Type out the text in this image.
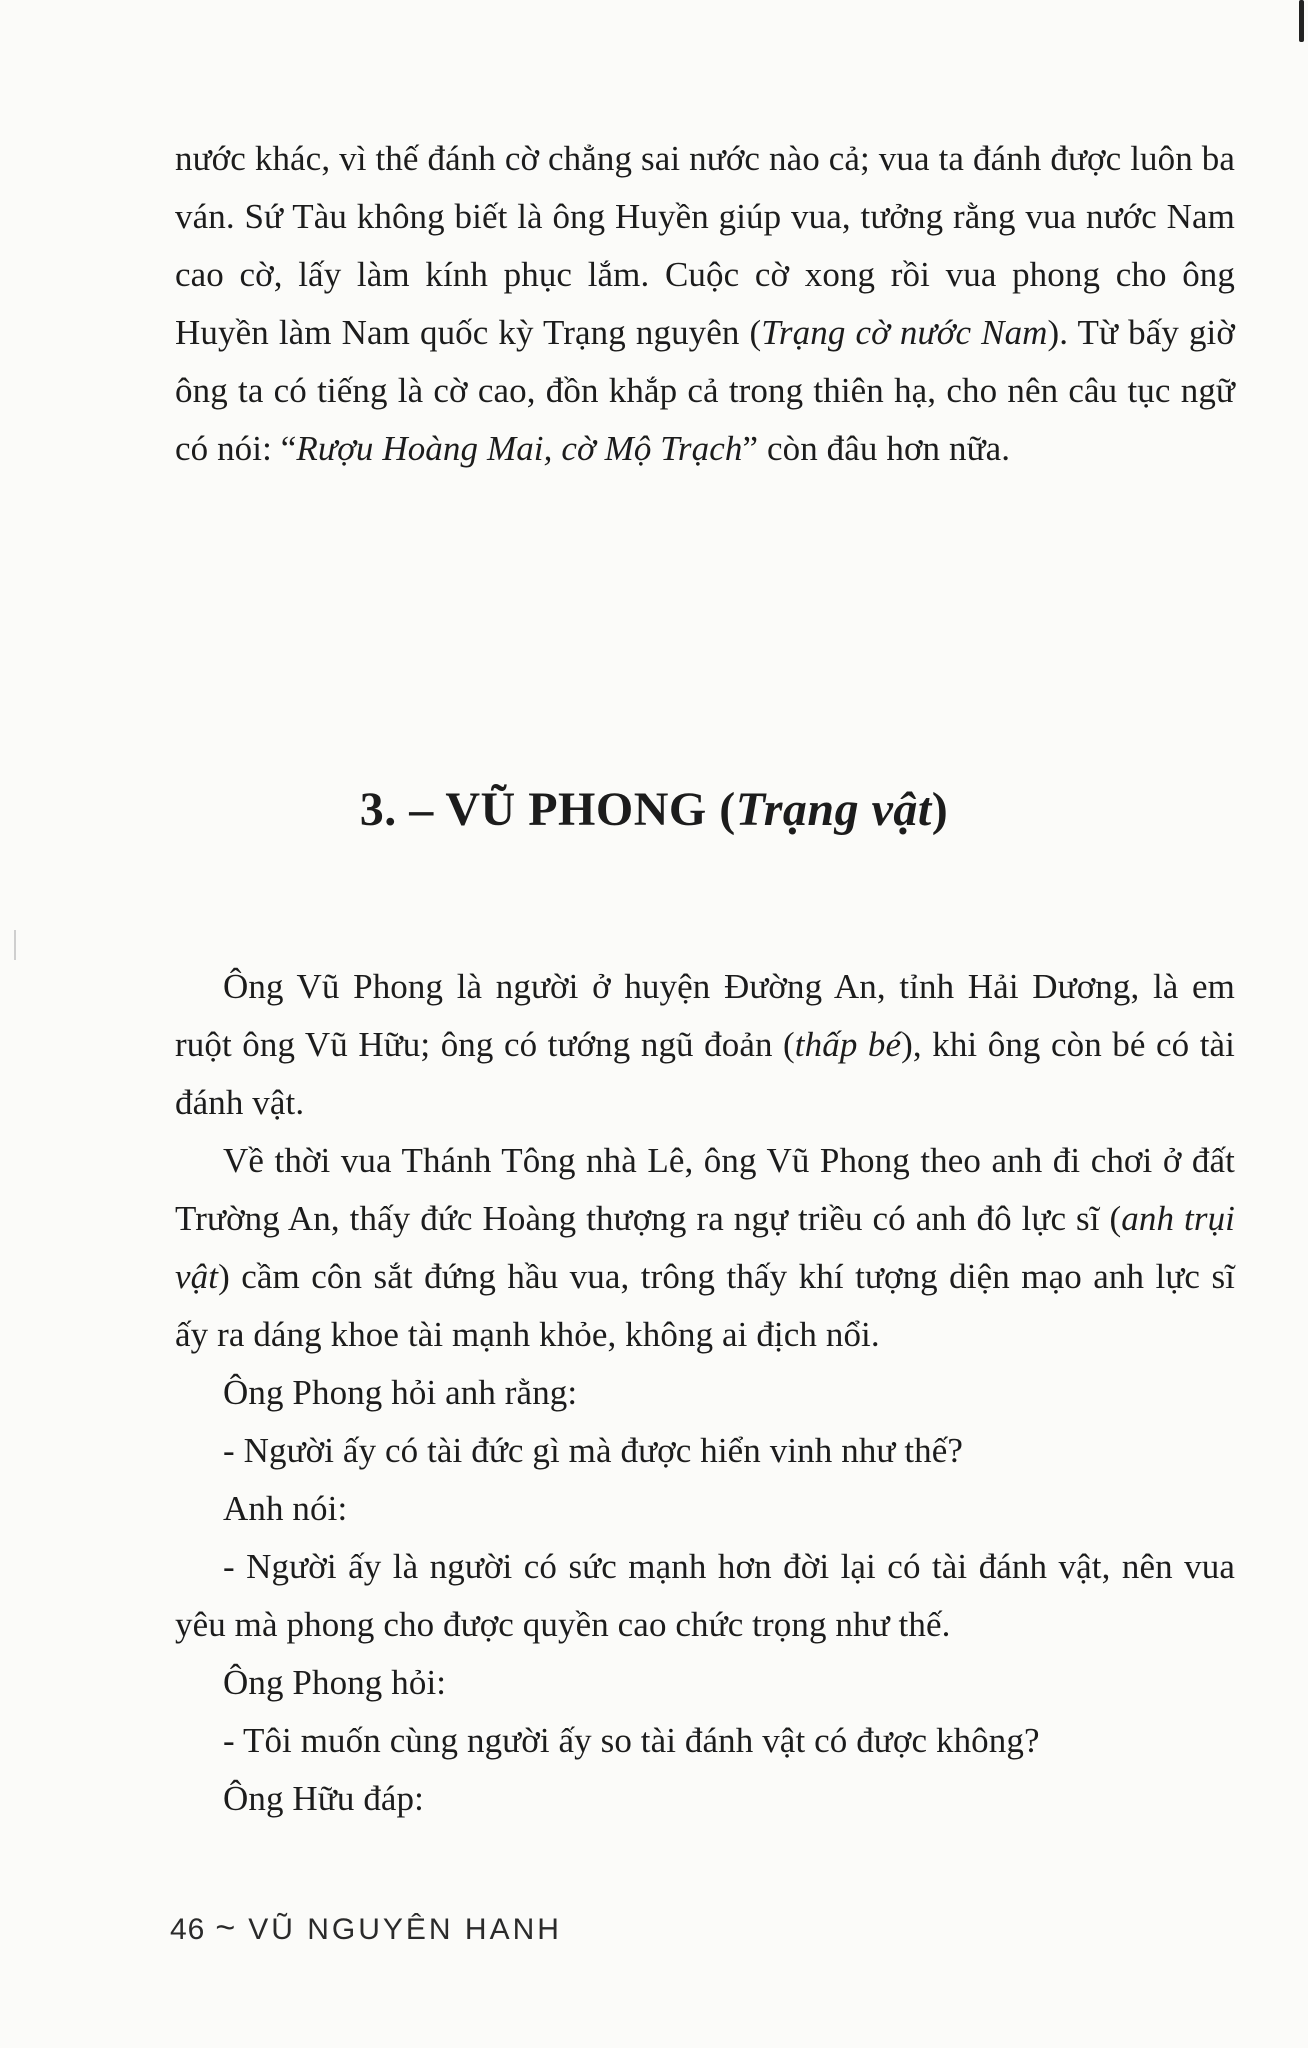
nước khác, vì thế đánh cờ chẳng sai nước nào cả; vua ta đánh được luôn ba ván. Sứ Tàu không biết là ông Huyền giúp vua, tưởng rằng vua nước Nam cao cờ, lấy làm kính phục lắm. Cuộc cờ xong rồi vua phong cho ông Huyền làm Nam quốc kỳ Trạng nguyên (Trạng cờ nước Nam). Từ bấy giờ ông ta có tiếng là cờ cao, đồn khắp cả trong thiên hạ, cho nên câu tục ngữ có nói: “Rượu Hoàng Mai, cờ Mộ Trạch” còn đâu hơn nữa.

3. – VŨ PHONG (Trạng vật)

Ông Vũ Phong là người ở huyện Đường An, tỉnh Hải Dương, là em ruột ông Vũ Hữu; ông có tướng ngũ đoản (thấp bé), khi ông còn bé có tài đánh vật.

Về thời vua Thánh Tông nhà Lê, ông Vũ Phong theo anh đi chơi ở đất Trường An, thấy đức Hoàng thượng ra ngự triều có anh đô lực sĩ (anh trụi vật) cầm côn sắt đứng hầu vua, trông thấy khí tượng diện mạo anh lực sĩ ấy ra dáng khoe tài mạnh khỏe, không ai địch nổi.

Ông Phong hỏi anh rằng:

- Người ấy có tài đức gì mà được hiển vinh như thế?

Anh nói:

- Người ấy là người có sức mạnh hơn đời lại có tài đánh vật, nên vua yêu mà phong cho được quyền cao chức trọng như thế.

Ông Phong hỏi:

- Tôi muốn cùng người ấy so tài đánh vật có được không?

Ông Hữu đáp:

46 ~ VŨ NGUYÊN HANH
